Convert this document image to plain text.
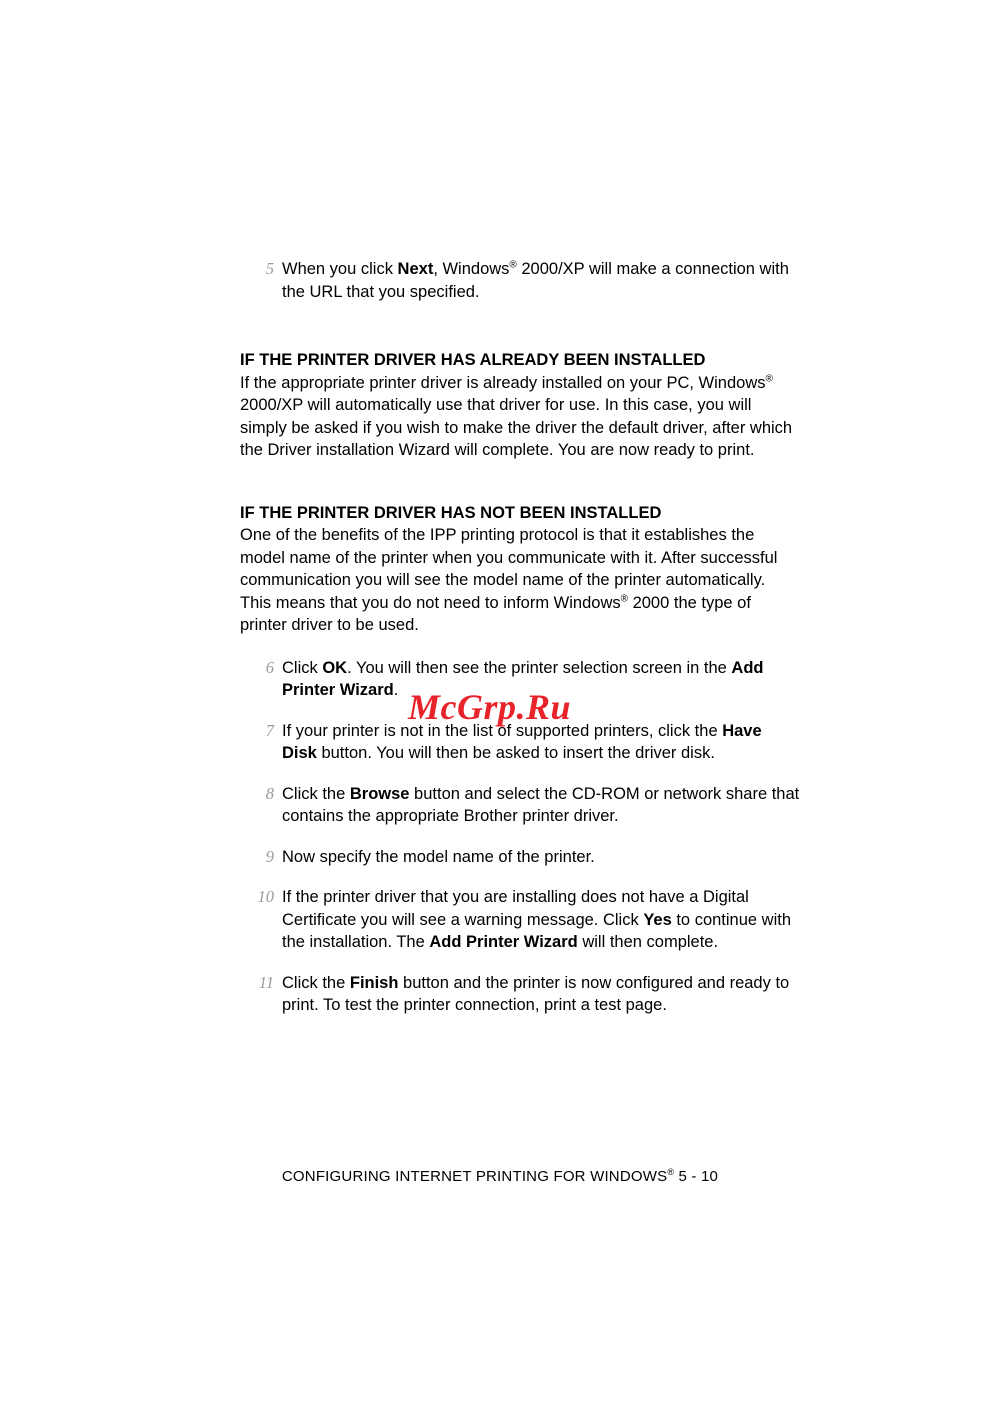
5 When you click Next, Windows® 2000/XP will make a connection with the URL that you specified.
IF THE PRINTER DRIVER HAS ALREADY BEEN INSTALLED
If the appropriate printer driver is already installed on your PC, Windows® 2000/XP will automatically use that driver for use. In this case, you will simply be asked if you wish to make the driver the default driver, after which the Driver installation Wizard will complete. You are now ready to print.
IF THE PRINTER DRIVER HAS NOT BEEN INSTALLED
One of the benefits of the IPP printing protocol is that it establishes the model name of the printer when you communicate with it. After successful communication you will see the model name of the printer automatically. This means that you do not need to inform Windows® 2000 the type of printer driver to be used.
6 Click OK. You will then see the printer selection screen in the Add Printer Wizard.
7 If your printer is not in the list of supported printers, click the Have Disk button. You will then be asked to insert the driver disk.
8 Click the Browse button and select the CD-ROM or network share that contains the appropriate Brother printer driver.
9 Now specify the model name of the printer.
10 If the printer driver that you are installing does not have a Digital Certificate you will see a warning message. Click Yes to continue with the installation. The Add Printer Wizard will then complete.
11 Click the Finish button and the printer is now configured and ready to print. To test the printer connection, print a test page.
McGrp.Ru
CONFIGURING INTERNET PRINTING FOR WINDOWS® 5 - 10
